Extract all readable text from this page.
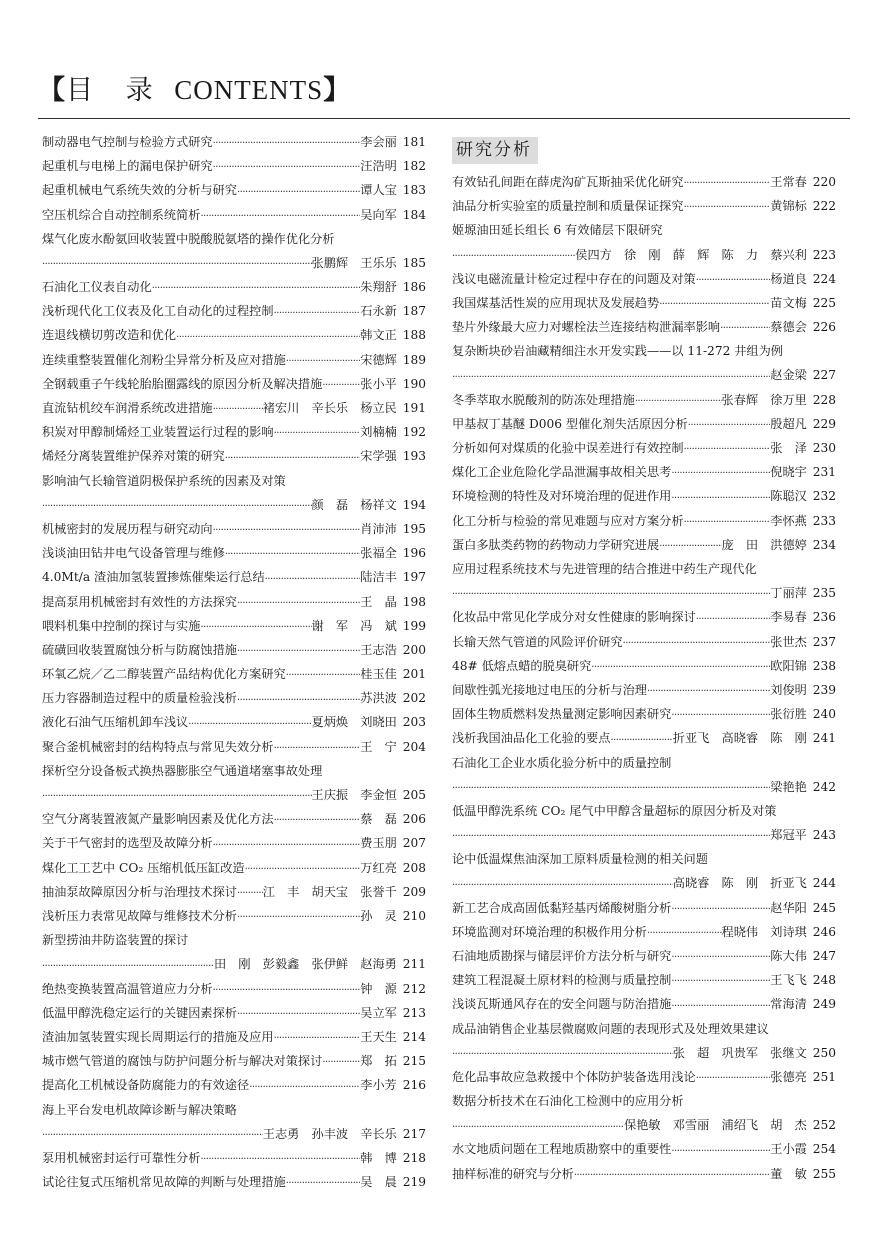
【目 录 CONTENTS】
制动器电气控制与检验方式研究 ·····	李会丽 181
起重机与电梯上的漏电保护研究 ·····	汪浩明 182
起重机械电气系统失效的分析与研究 ·····	谭人宝 183
空压机综合自动控制系统简析 ·····	吴向军 184
煤气化废水酚氨回收装置中脱酸脱氨塔的操作优化分析
·····
张鹏辉　王乐乐 185
石油化工仪表自动化 ·····	朱翔舒 186
浅析现代化工仪表及化工自动化的过程控制 ·····	石永新 187
连退线横切剪改造和优化 ·····	韩文正 188
连续重整装置催化剂粉尘异常分析及应对措施 ·····	宋德辉 189
全钢载重子午线轮胎胎圈露线的原因分析及解决措施 ·····	张小平 190
直流钻机绞车润滑系统改进措施 ·····	褚宏川　辛长乐　杨立民 191
积炭对甲醇制烯烃工业装置运行过程的影响 ·····	刘楠楠 192
烯烃分离装置维护保养对策的研究 ·····	宋学强 193
影响油气长输管道阴极保护系统的因素及对策
·····
颜　磊　杨祥文 194
机械密封的发展历程与研究动向 ·····	肖沛沛 195
浅谈油田钻井电气设备管理与维修 ·····	张福全 196
4.0Mt/a 渣油加氢装置掺炼催柴运行总结 ·····	陆洁丰 197
提高泵用机械密封有效性的方法探究 ·····	王　晶 198
喂料机集中控制的探讨与实施 ·····	谢　军　冯　斌 199
硫磺回收装置腐蚀分析与防腐蚀措施 ·····	王志浩 200
环氧乙烷／乙二醇装置产品结构优化方案研究 ·····	桂玉佳 201
压力容器制造过程中的质量检验浅析 ·····	苏洪波 202
液化石油气压缩机卸车浅议 ·····	夏炳焕　刘晓田 203
聚合釜机械密封的结构特点与常见失效分析 ·····	王　宁 204
探析空分设备板式换热器膨胀空气通道堵塞事故处理
·····
王庆振　李金恒 205
空气分离装置液氮产量影响因素及优化方法 ·····	蔡　磊 206
关于干气密封的选型及故障分析 ·····	费玉朋 207
煤化工工艺中 CO₂ 压缩机低压缸改造 ·····	万红亮 208
抽油泵故障原因分析与治理技术探讨 ····· 江　丰　胡天宝　张誉千 209
浅析压力表常见故障与维修技术分析 ·····	孙　灵 210
新型捞油井防盗装置的探讨
·····
田　刚　彭毅鑫　张伊鲜　赵海勇 211
绝热变换装置高温管道应力分析 ·····	钟　源 212
低温甲醇洗稳定运行的关键因素探析 ·····	吴立军 213
渣油加氢装置实现长周期运行的措施及应用 ·····	王天生 214
城市燃气管道的腐蚀与防护问题分析与解决对策探讨 ·····	郑　拓 215
提高化工机械设备防腐能力的有效途径 ·····	李小芳 216
海上平台发电机故障诊断与解决策略
·····
王志勇　孙丰波　辛长乐 217
泵用机械密封运行可靠性分析 ·····	韩　博 218
试论往复式压缩机常见故障的判断与处理措施 ·····	吴　晨 219
研究分析
有效钻孔间距在薛虎沟矿瓦斯抽采优化研究 ·····	王常春 220
油品分析实验室的质量控制和质量保证探究 ·····	黄锦标 222
姬塬油田延长组长 6 有效储层下限研究
·····
侯四方　徐　刚　薛　辉　陈　力　蔡兴利 223
浅议电磁流量计检定过程中存在的问题及对策 ·····	杨道良 224
我国煤基活性炭的应用现状及发展趋势 ·····	苗文梅 225
垫片外缘最大应力对螺栓法兰连接结构泄漏率影响 ·····	蔡德会 226
复杂断块砂岩油藏精细注水开发实践——以 11-272 井组为例
·····
赵金梁 227
冬季萃取水脱酸剂的防冻处理措施 ·····	张春辉　徐万里 228
甲基叔丁基醚 D006 型催化剂失活原因分析 ·····	殷超凡 229
分析如何对煤质的化验中误差进行有效控制 ·····	张　泽 230
煤化工企业危险化学品泄漏事故相关思考 ·····	倪晓宇 231
环境检测的特性及对环境治理的促进作用 ·····	陈聪汉 232
化工分析与检验的常见难题与应对方案分析 ·····	李怀燕 233
蛋白多肽类药物的药物动力学研究进展 ·····	庞　田　洪德婷 234
应用过程系统技术与先进管理的结合推进中药生产现代化
·····
丁丽萍 235
化妆品中常见化学成分对女性健康的影响探讨 ·····	李易春 236
长输天然气管道的风险评价研究 ·····	张世杰 237
48# 低熔点蜡的脱臭研究 ·····	欧阳锦 238
间歇性弧光接地过电压的分析与治理 ·····	刘俊明 239
固体生物质燃料发热量测定影响因素研究 ·····	张衍胜 240
浅析我国油品化工化验的要点 ·····	折亚飞　高晓睿　陈　刚 241
石油化工企业水质化验分析中的质量控制
·····
梁艳艳 242
低温甲醇洗系统 CO₂ 尾气中甲醇含量超标的原因分析及对策
·····
郑冠平 243
论中低温煤焦油深加工原料质量检测的相关问题
·····
高晓睿　陈　刚　折亚飞 244
新工艺合成高固低黏羟基丙烯酸树脂分析 ·····	赵华阳 245
环境监测对环境治理的积极作用分析 ·····	程晓伟　刘诗琪 246
石油地质勘探与储层评价方法分析与研究 ·····	陈大伟 247
建筑工程混凝土原材料的检测与质量控制 ·····	王飞飞 248
浅谈瓦斯通风存在的安全问题与防治措施 ·····	常海清 249
成品油销售企业基层微腐败问题的表现形式及处理效果建议
·····
张　超　巩贵军　张继文 250
危化品事故应急救援中个体防护装备选用浅论 ·····	张德亮 251
数据分析技术在石油化工检测中的应用分析
·····
保艳敏　邓雪丽　浦绍飞　胡　杰 252
水文地质问题在工程地质勘察中的重要性 ·····	王小霞 254
抽样标准的研究与分析 ·····	董　敏 255
